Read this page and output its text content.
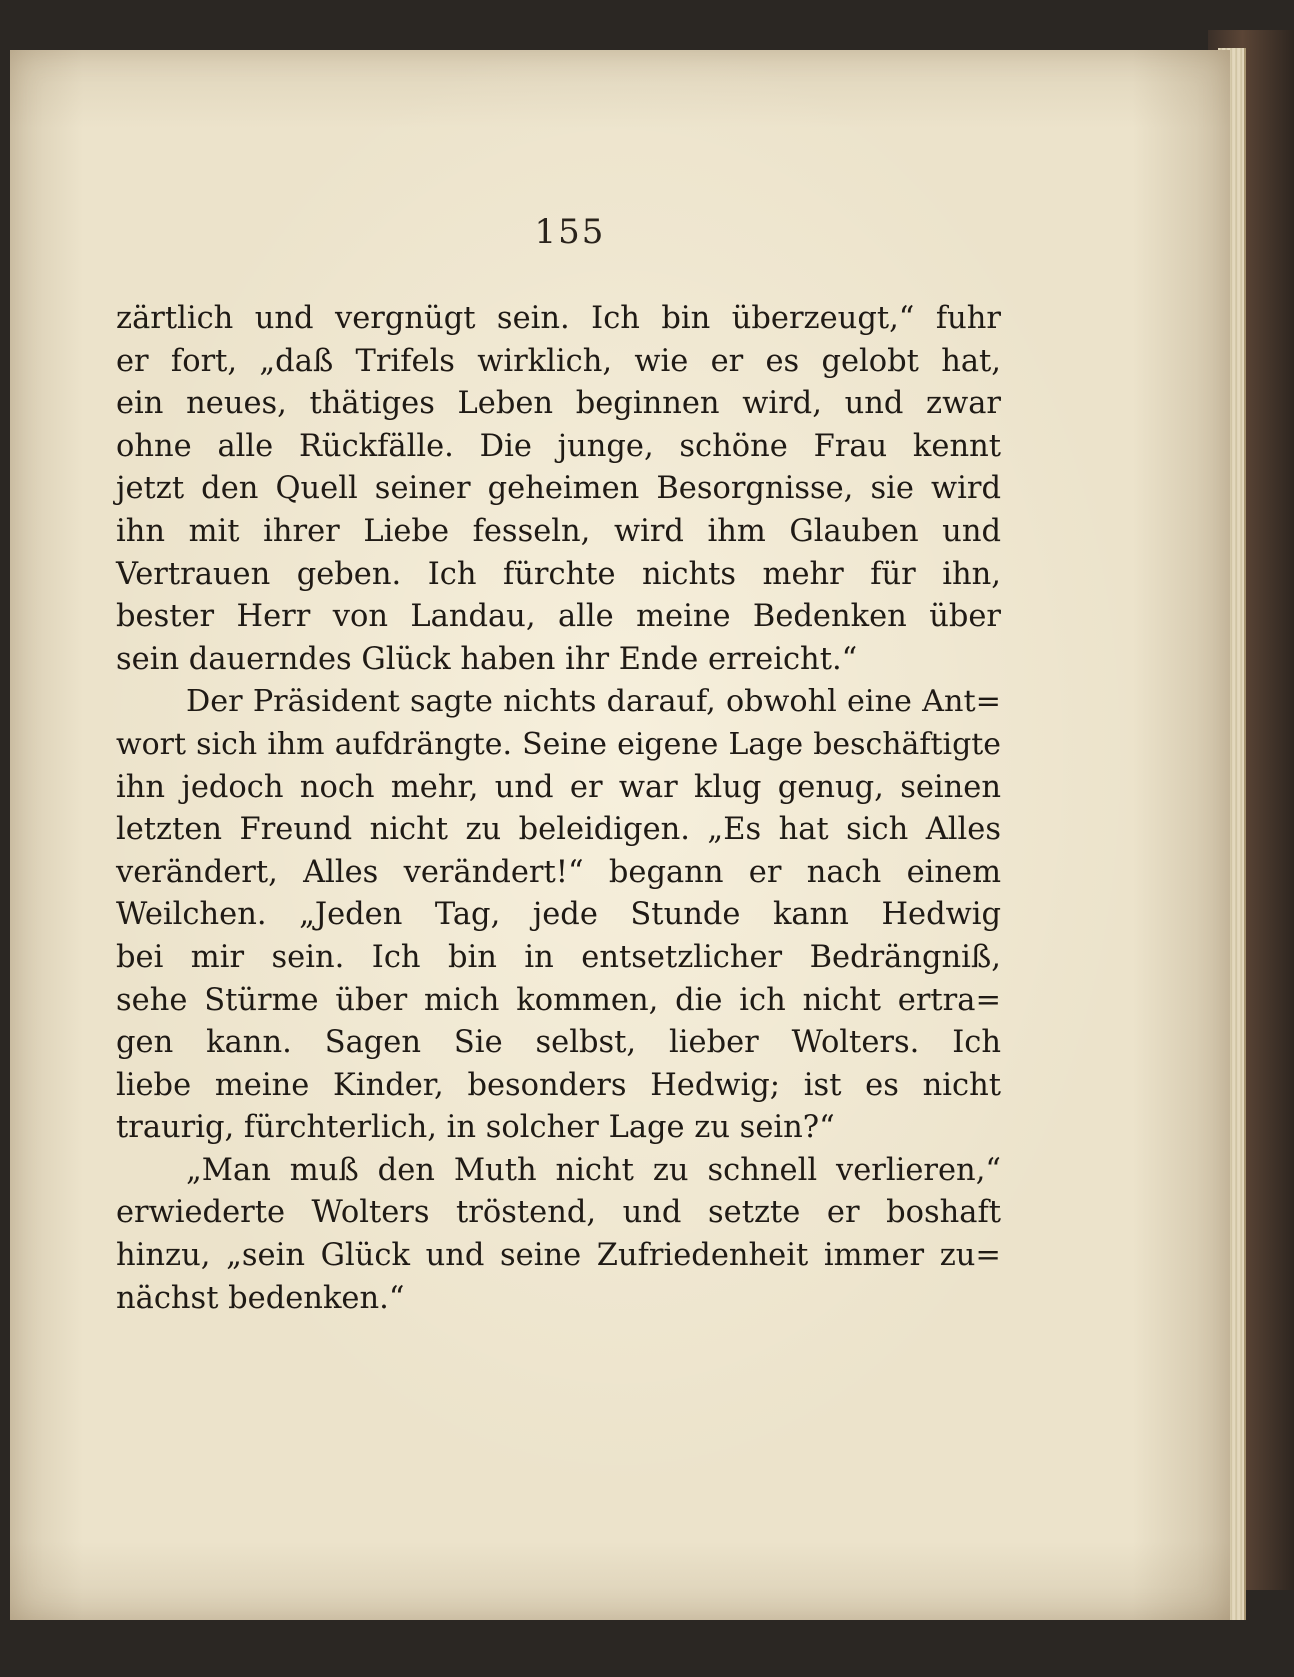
155
zärtlich und vergnügt sein. Ich bin überzeugt,“ fuhr
er fort, „daß Trifels wirklich, wie er es gelobt hat,
ein neues, thätiges Leben beginnen wird, und zwar
ohne alle Rückfälle. Die junge, schöne Frau kennt
jetzt den Quell seiner geheimen Besorgnisse, sie wird
ihn mit ihrer Liebe fesseln, wird ihm Glauben und
Vertrauen geben. Ich fürchte nichts mehr für ihn,
bester Herr von Landau, alle meine Bedenken über
sein dauerndes Glück haben ihr Ende erreicht.“
Der Präsident sagte nichts darauf, obwohl eine Ant=
wort sich ihm aufdrängte. Seine eigene Lage beschäftigte
ihn jedoch noch mehr, und er war klug genug, seinen
letzten Freund nicht zu beleidigen. „Es hat sich Alles
verändert, Alles verändert!“ begann er nach einem
Weilchen. „Jeden Tag, jede Stunde kann Hedwig
bei mir sein. Ich bin in entsetzlicher Bedrängniß,
sehe Stürme über mich kommen, die ich nicht ertra=
gen kann. Sagen Sie selbst, lieber Wolters. Ich
liebe meine Kinder, besonders Hedwig; ist es nicht
traurig, fürchterlich, in solcher Lage zu sein?“
„Man muß den Muth nicht zu schnell verlieren,“
erwiederte Wolters tröstend, und setzte er boshaft
hinzu, „sein Glück und seine Zufriedenheit immer zu=
nächst bedenken.“
